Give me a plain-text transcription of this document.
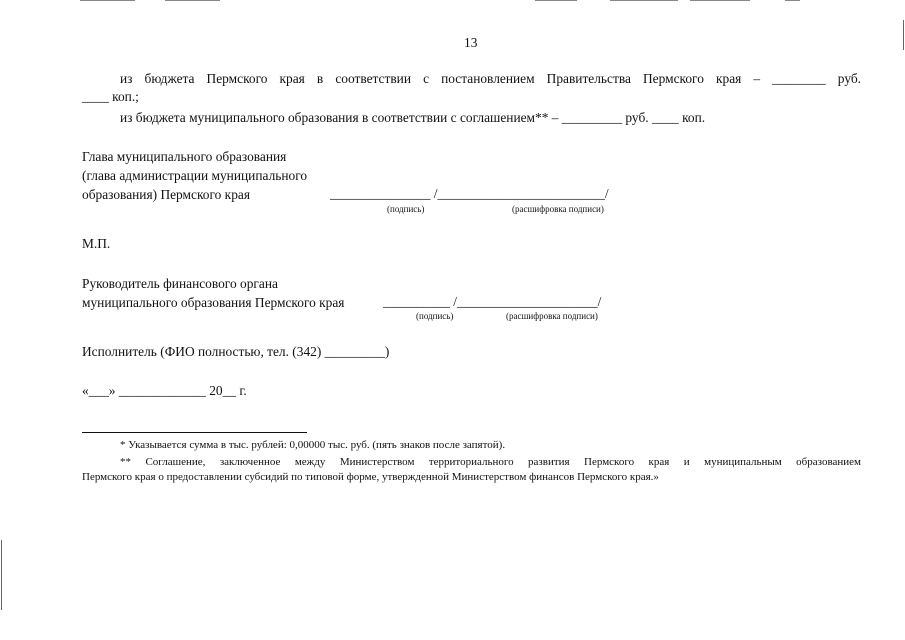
13
из бюджета Пермского края в соответствии с постановлением Правительства Пермского края – ________ руб.
____ коп.;
из бюджета муниципального образования в соответствии с соглашением** – _________ руб. ____ коп.
Глава муниципального образования
(глава администрации муниципального
образования) Пермского края	_______________ /_________________________/
(подпись)	(расшифровка подписи)
М.П.
Руководитель финансового органа
муниципального образования Пермского края	__________ /_____________________/
(подпись)	(расшифровка подписи)
Исполнитель (ФИО полностью, тел. (342) _________)
«___» _____________ 20__ г.
* Указывается сумма в тыс. рублей: 0,00000 тыс. руб. (пять знаков после запятой).
** Соглашение, заключенное между Министерством территориального развития Пермского края и муниципальным образованием
Пермского края о предоставлении субсидий по типовой форме, утвержденной Министерством финансов Пермского края.»
